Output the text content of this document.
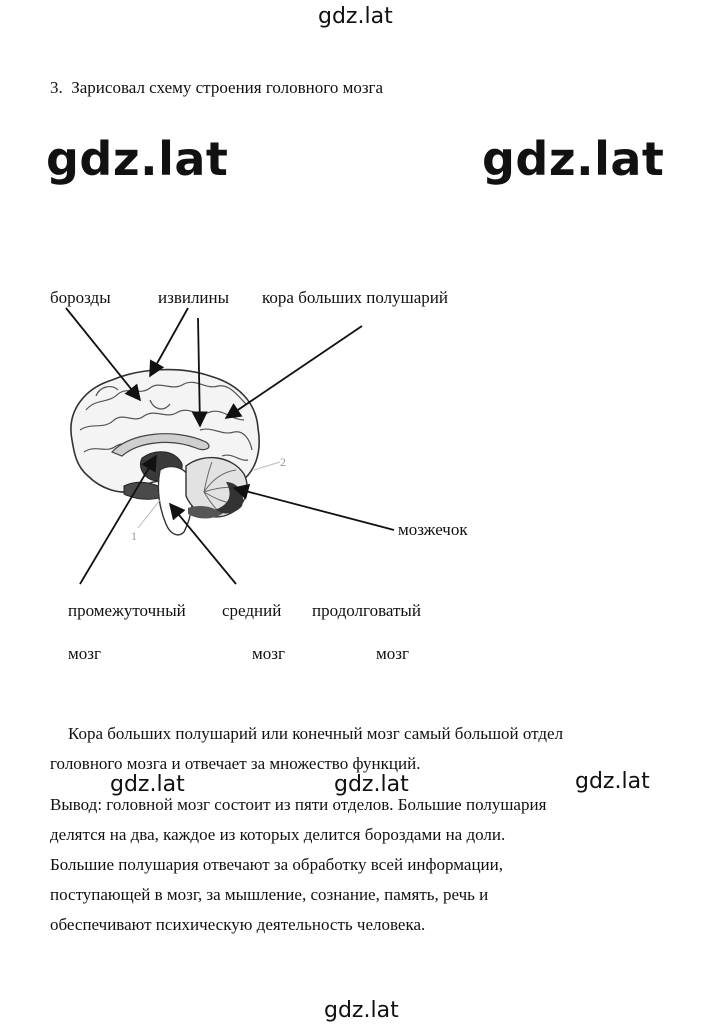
gdz.lat
gdz.lat	gdz.lat
gdz.lat	gdz.lat	gdz.lat
gdz.lat
3. Зарисовал схему строения головного мозга
борозды	извилины кора больших полушарий
мозжечок
промежуточный средний продолговатый
мозг	мозг	мозг
1
2
Кора больших полушарий или конечный мозг самый большой отдел
головного мозга и отвечает за множество функций.
Вывод: головной мозг состоит из пяти отделов. Большие полушария
делятся на два, каждое из которых делится бороздами на доли.
Большие полушария отвечают за обработку всей информации,
поступающей в мозг, за мышление, сознание, память, речь и
обеспечивают психическую деятельность человека.
